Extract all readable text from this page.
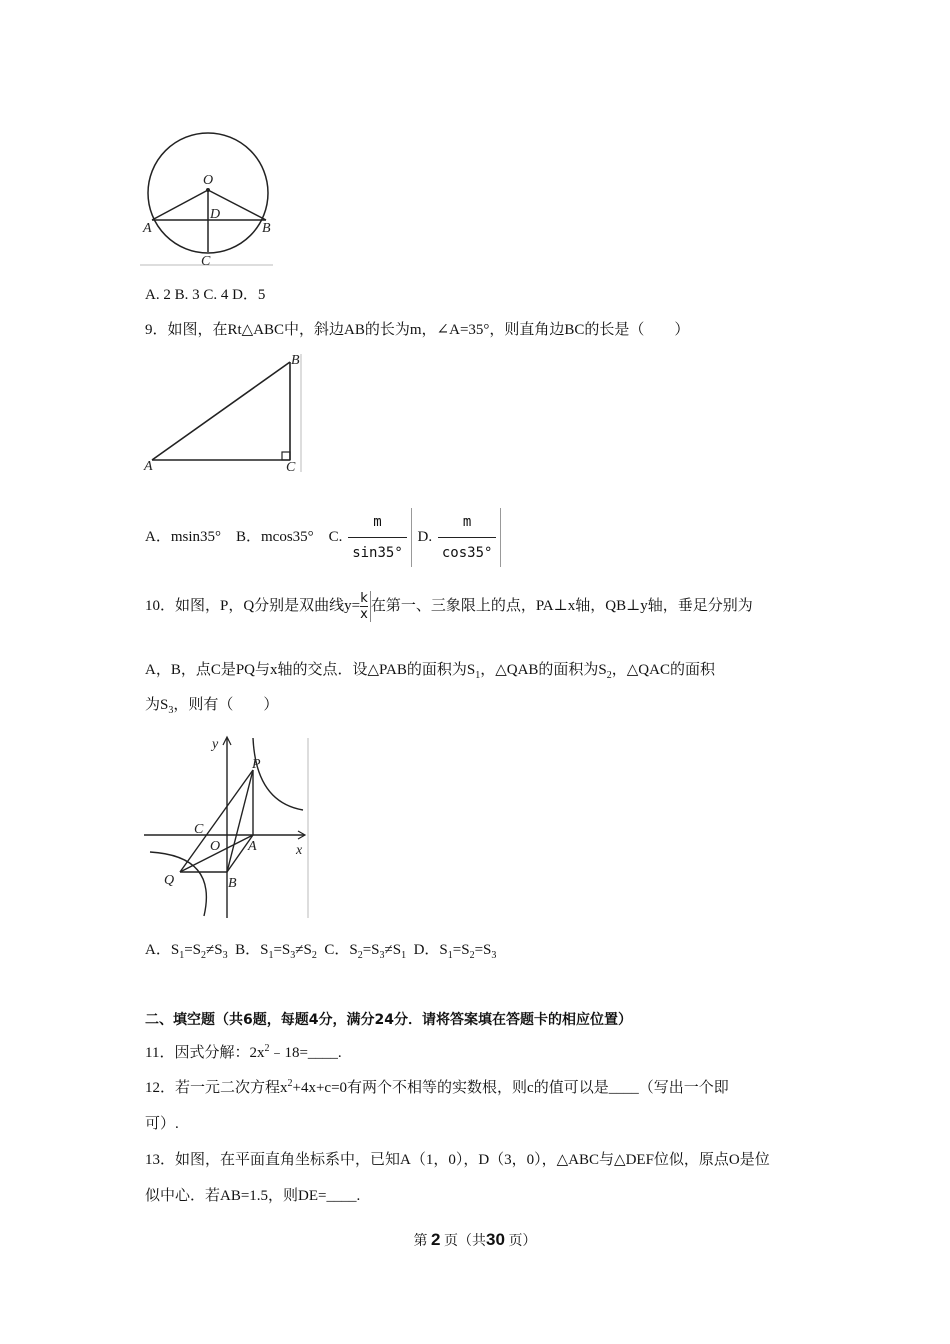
O
D
A	B
C
A. 2 B. 3 C. 4 D．5
9．如图，在Rt△ABC中，斜边AB的长为m，∠A=35°，则直角边BC的长是（　　）
A
B
C
A．msin35°　B．mcos35°　C. $\frac{m}{\sin 35^\circ} D$. $\frac{m}{\cos 35^\circ}$
10．如图，P，Q分别是双曲线$y= \frac{k}{x}$在第一、三象限上的点，PA⊥x轴，QB⊥y轴，垂足分别为
A，B，点C是PQ与x轴的交点．设△PAB的面积为$S_1$，△QAB的面积为$S_2$，△QAC的面积
为$S_3$，则有（　　）
y
x
P
C
O A
Q	B
A．$S_1=S_2\ne S_3$ B．$S_1=S_3\ne S_2$ C．$S_2=S_3\ne S_1$ D．$S_1=S_2=S_3$
二、填空题（共6题，每题4分，满分24分．请将答案填在答题卡的相应位置）
11．因式分解：$2x^2﹣18=\_\_\_\_$.
12．若一元二次方程$x^2+4x+c=0$有两个不相等的实数根，则c的值可以是____（写出一个即
可）.
13．如图，在平面直角坐标系中，已知A（1，0），D（3，0），△ABC与△DEF位似，原点O是位
似中心．若AB=1.5，则DE=____.
第 2 页（共30 页）
